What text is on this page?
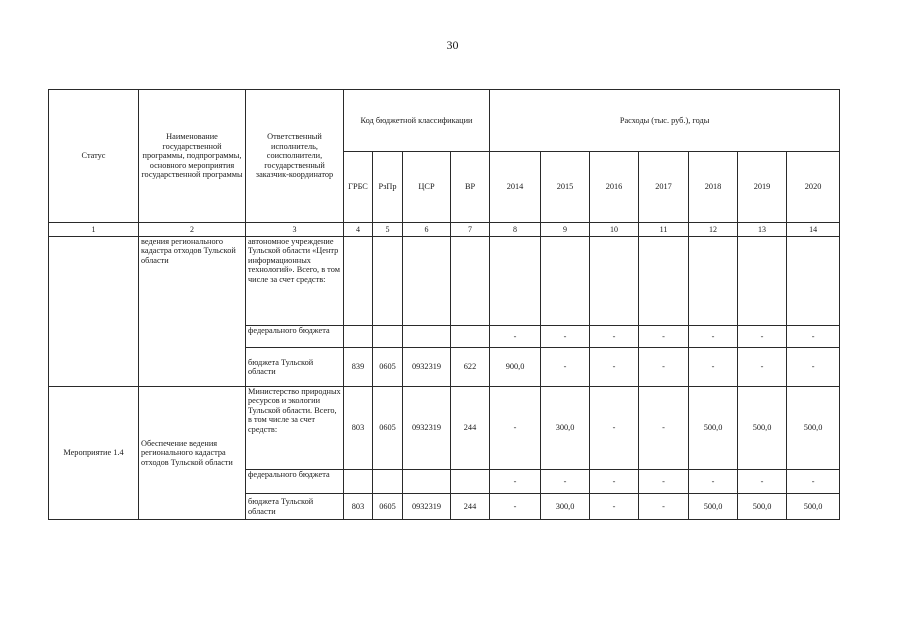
30
Статус	Наименование государственной программы, подпрограммы, основного мероприятия государственной программы	Ответственный исполнитель, соисполнители, государственный заказчик-координатор	Код бюджетной классификации				Расходы (тыс. руб.), годы						
			ГРБС	РзПр	ЦСР	ВР	2014	2015	2016	2017	2018	2019	2020
1	2	3	4	5	6	7	8	9	10	11	12	13	14
	ведения регионального кадастра отходов Тульской области	автономное учреждение Тульской области «Центр информационных технологий». Всего, в том числе за счет средств:											
		федерального бюджета					-	-	-	-	-	-	-
		бюджета Тульской области	839	0605	0932319	622	900,0	-	-	-	-	-	-
Мероприятие 1.4	Обеспечение ведения регионального кадастра отходов Тульской области	Министерство природных ресурсов и экологии Тульской области. Всего, в том числе за счет средств:	803	0605	0932319	244	-	300,0	-	-	500,0	500,0	500,0
		федерального бюджета					-	-	-	-	-	-	-
		бюджета Тульской области	803	0605	0932319	244	-	300,0	-	-	500,0	500,0	500,0
